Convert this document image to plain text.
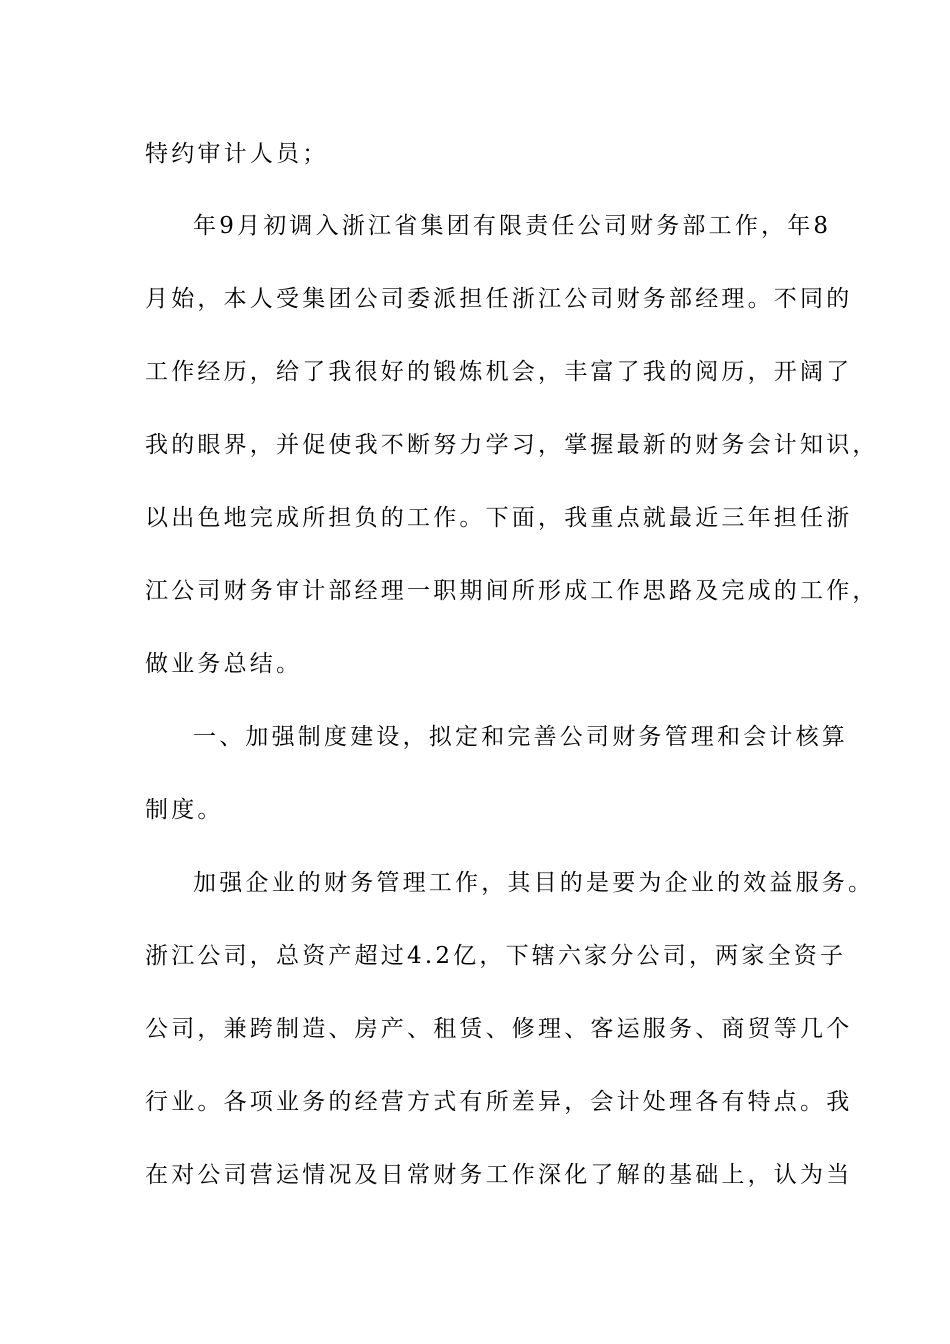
特约审计人员；
年9月初调入浙江省集团有限责任公司财务部工作，年8
月始，本人受集团公司委派担任浙江公司财务部经理。不同的
工作经历，给了我很好的锻炼机会，丰富了我的阅历，开阔了
我的眼界，并促使我不断努力学习，掌握最新的财务会计知识，
以出色地完成所担负的工作。下面，我重点就最近三年担任浙
江公司财务审计部经理一职期间所形成工作思路及完成的工作，
做业务总结。
一、加强制度建设，拟定和完善公司财务管理和会计核算
制度。
加强企业的财务管理工作，其目的是要为企业的效益服务。
浙江公司，总资产超过4.2亿，下辖六家分公司，两家全资子
公司，兼跨制造、房产、租赁、修理、客运服务、商贸等几个
行业。各项业务的经营方式有所差异，会计处理各有特点。我
在对公司营运情况及日常财务工作深化了解的基础上，认为当
